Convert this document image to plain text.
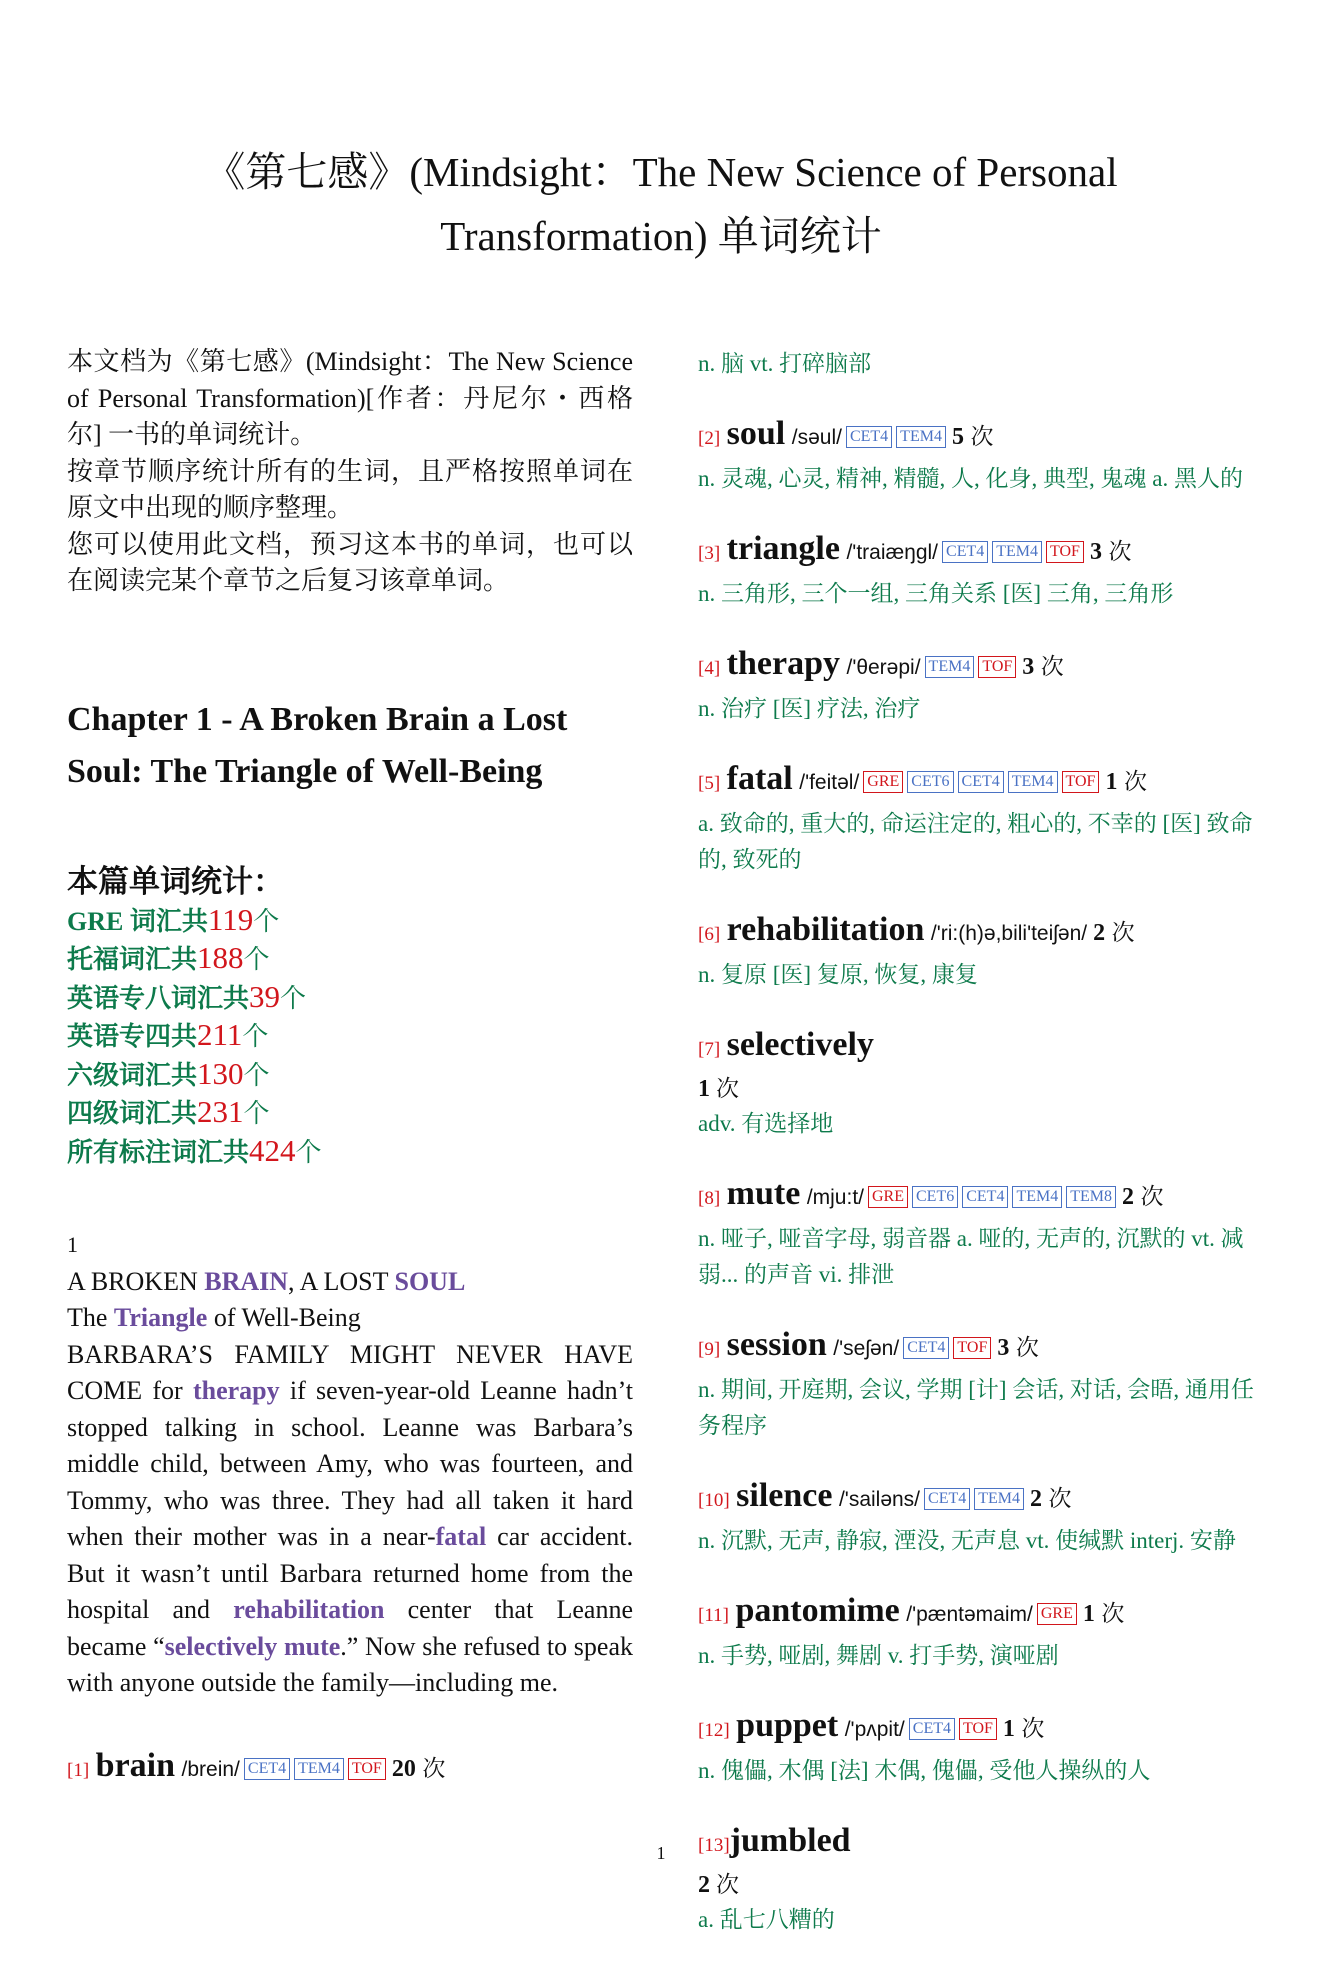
《第七感》(Mindsight：The New Science of Personal
Transformation) 单词统计

本文档为《第七感》(Mindsight：The New Science of Personal Transformation)[作者：丹尼尔・西格尔] 一书的单词统计。

按章节顺序统计所有的生词，且严格按照单词在原文中出现的顺序整理。

您可以使用此文档，预习这本书的单词，也可以在阅读完某个章节之后复习该章单词。

Chapter 1 - A Broken Brain a Lost
Soul: The Triangle of Well-Being
本篇单词统计：
GRE 词汇共119个
托福词汇共188个
英语专八词汇共39个
英语专四共211个
六级词汇共130个
四级词汇共231个
所有标注词汇共424个

1

A BROKEN BRAIN, A LOST SOUL

The Triangle of Well-Being

BARBARA’S FAMILY MIGHT NEVER HAVE COME for therapy if seven-year-old Leanne hadn’t stopped talking in school. Leanne was Barbara’s middle child, between Amy, who was fourteen, and Tommy, who was three. They had all taken it hard when their mother was in a near-fatal car accident. But it wasn’t until Barbara returned home from the hospital and rehabilitation center that Leanne became “selectively mute.” Now she refused to speak with anyone outside the family—including me.

[1] brain /brein/ CET4 TEM4 TOF 20 次
n. 脑 vt. 打碎脑部
[2] soul /səul/ CET4 TEM4 5 次
n. 灵魂, 心灵, 精神, 精髓, 人, 化身, 典型, 鬼魂 a. 黑人的
[3] triangle /'traiæŋgl/ CET4 TEM4 TOF 3 次
n. 三角形, 三个一组, 三角关系 [医] 三角, 三角形
[4] therapy /'θerəpi/ TEM4 TOF 3 次
n. 治疗 [医] 疗法, 治疗
[5] fatal /'feitəl/ GRE CET6 CET4 TEM4 TOF 1 次
a. 致命的, 重大的, 命运注定的, 粗心的, 不幸的 [医] 致命的, 致死的
[6] rehabilitation /'ri:(h)ə,bili'teiʃən/ 2 次
n. 复原 [医] 复原, 恢复, 康复
[7] selectively
1 次
adv. 有选择地
[8] mute /mju:t/ GRE CET6 CET4 TEM4 TEM8 2 次
n. 哑子, 哑音字母, 弱音器 a. 哑的, 无声的, 沉默的 vt. 减弱... 的声音 vi. 排泄
[9] session /'seʃən/ CET4 TOF 3 次
n. 期间, 开庭期, 会议, 学期 [计] 会话, 对话, 会晤, 通用任务程序
[10] silence /'sailəns/ CET4 TEM4 2 次
n. 沉默, 无声, 静寂, 湮没, 无声息 vt. 使缄默 interj. 安静
[11] pantomime /'pæntəmaim/ GRE 1 次
n. 手势, 哑剧, 舞剧 v. 打手势, 演哑剧
[12] puppet /'pʌpit/ CET4 TOF 1 次
n. 傀儡, 木偶 [法] 木偶, 傀儡, 受他人操纵的人
[13]jumbled
2 次
a. 乱七八糟的
1
